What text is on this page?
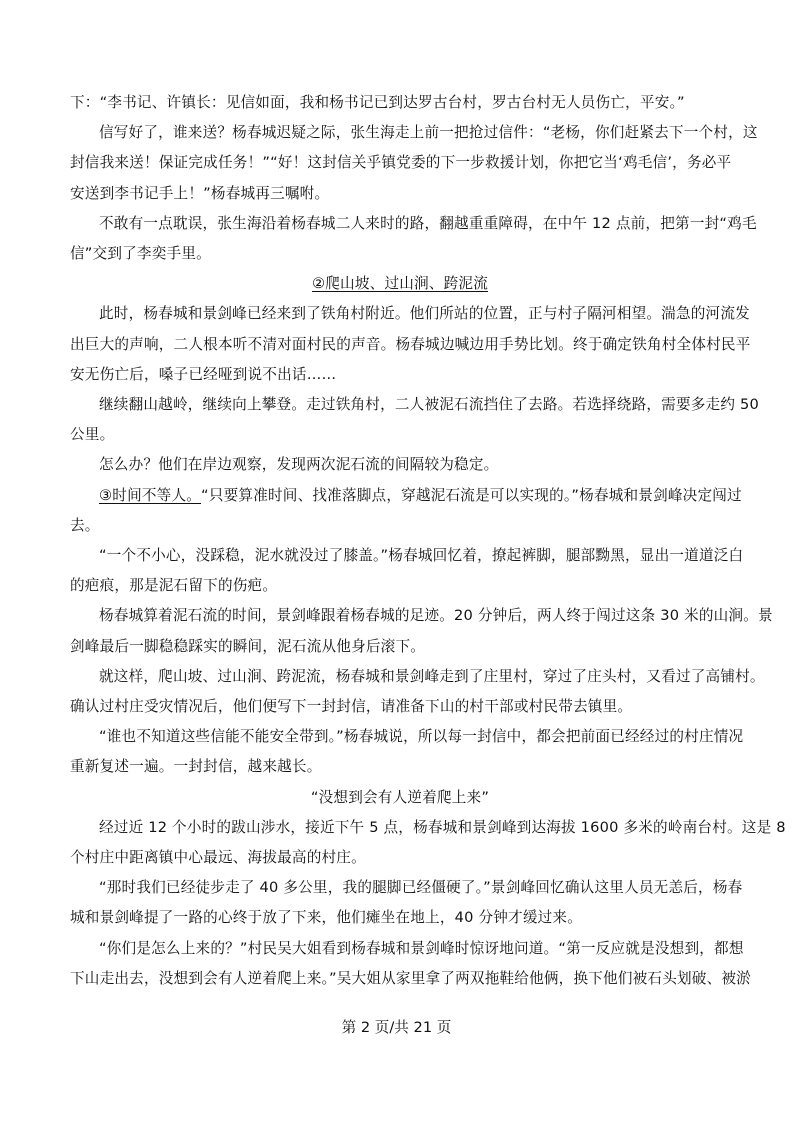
下：“李书记、许镇长：见信如面，我和杨书记已到达罗古台村，罗古台村无人员伤亡，平安。”
信写好了，谁来送？杨春城迟疑之际，张生海走上前一把抢过信件：“老杨，你们赶紧去下一个村，这
封信我来送！保证完成任务！”“好！这封信关乎镇党委的下一步救援计划，你把它当‘鸡毛信’，务必平
安送到李书记手上！”杨春城再三嘱咐。
不敢有一点耽误，张生海沿着杨春城二人来时的路，翻越重重障碍，在中午 12 点前，把第一封“鸡毛
信”交到了李奕手里。
②爬山坡、过山涧、跨泥流
此时，杨春城和景剑峰已经来到了铁角村附近。他们所站的位置，正与村子隔河相望。湍急的河流发
出巨大的声响，二人根本听不清对面村民的声音。杨春城边喊边用手势比划。终于确定铁角村全体村民平
安无伤亡后，嗓子已经哑到说不出话……
继续翻山越岭，继续向上攀登。走过铁角村，二人被泥石流挡住了去路。若选择绕路，需要多走约 50
公里。
怎么办？他们在岸边观察，发现两次泥石流的间隔较为稳定。
③时间不等人。“只要算准时间、找准落脚点，穿越泥石流是可以实现的。”杨春城和景剑峰决定闯过
去。
“一个不小心，没踩稳，泥水就没过了膝盖。”杨春城回忆着，撩起裤脚，腿部黝黑，显出一道道泛白
的疤痕，那是泥石留下的伤疤。
杨春城算着泥石流的时间，景剑峰跟着杨春城的足迹。20 分钟后，两人终于闯过这条 30 米的山涧。景
剑峰最后一脚稳稳踩实的瞬间，泥石流从他身后滚下。
就这样，爬山坡、过山涧、跨泥流，杨春城和景剑峰走到了庄里村，穿过了庄头村，又看过了高铺村。
确认过村庄受灾情况后，他们便写下一封封信，请准备下山的村干部或村民带去镇里。
“谁也不知道这些信能不能安全带到。”杨春城说，所以每一封信中，都会把前面已经经过的村庄情况
重新复述一遍。一封封信，越来越长。
“没想到会有人逆着爬上来”
经过近 12 个小时的跋山涉水，接近下午 5 点，杨春城和景剑峰到达海拔 1600 多米的岭南台村。这是 8
个村庄中距离镇中心最远、海拔最高的村庄。
“那时我们已经徒步走了 40 多公里，我的腿脚已经僵硬了。”景剑峰回忆确认这里人员无恙后，杨春
城和景剑峰提了一路的心终于放了下来，他们瘫坐在地上，40 分钟才缓过来。
“你们是怎么上来的？”村民吴大姐看到杨春城和景剑峰时惊讶地问道。“第一反应就是没想到，都想
下山走出去，没想到会有人逆着爬上来。”吴大姐从家里拿了两双拖鞋给他俩，换下他们被石头划破、被淤
第 2 页/共 21 页
